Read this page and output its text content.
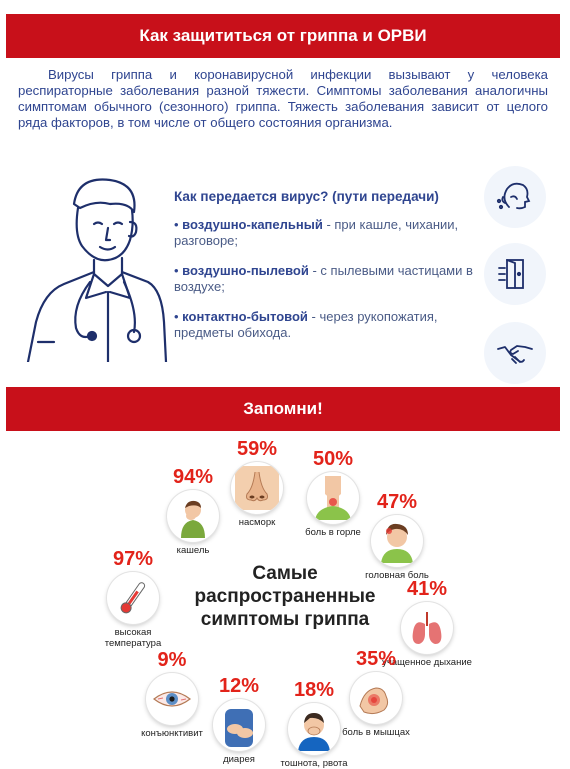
Как защититься от гриппа и ОРВИ
Вирусы гриппа и коронавирусной инфекции вызывают у человека респираторные заболевания разной тяжести. Симптомы заболевания аналогичны симптомам обычного (сезонного) гриппа. Тяжесть заболевания зависит от целого ряда факторов, в том числе от общего состояния организма.
Как передается вирус? (пути передачи)
• воздушно-капельный - при кашле, чихании, разговоре;
• воздушно-пылевой - с пылевыми частицами в воздухе;
• контактно-бытовой - через рукопожатия, предметы обихода.
Запомни!
Самые распространенные симптомы гриппа
94%
кашель
59%
насморк
50%
боль в горле
47%
головная боль
97%
высокая температура
41%
учащенное дыхание
9%
конъюнктивит
12%
диарея
18%
тошнота, рвота
35%
боль в мышцах
